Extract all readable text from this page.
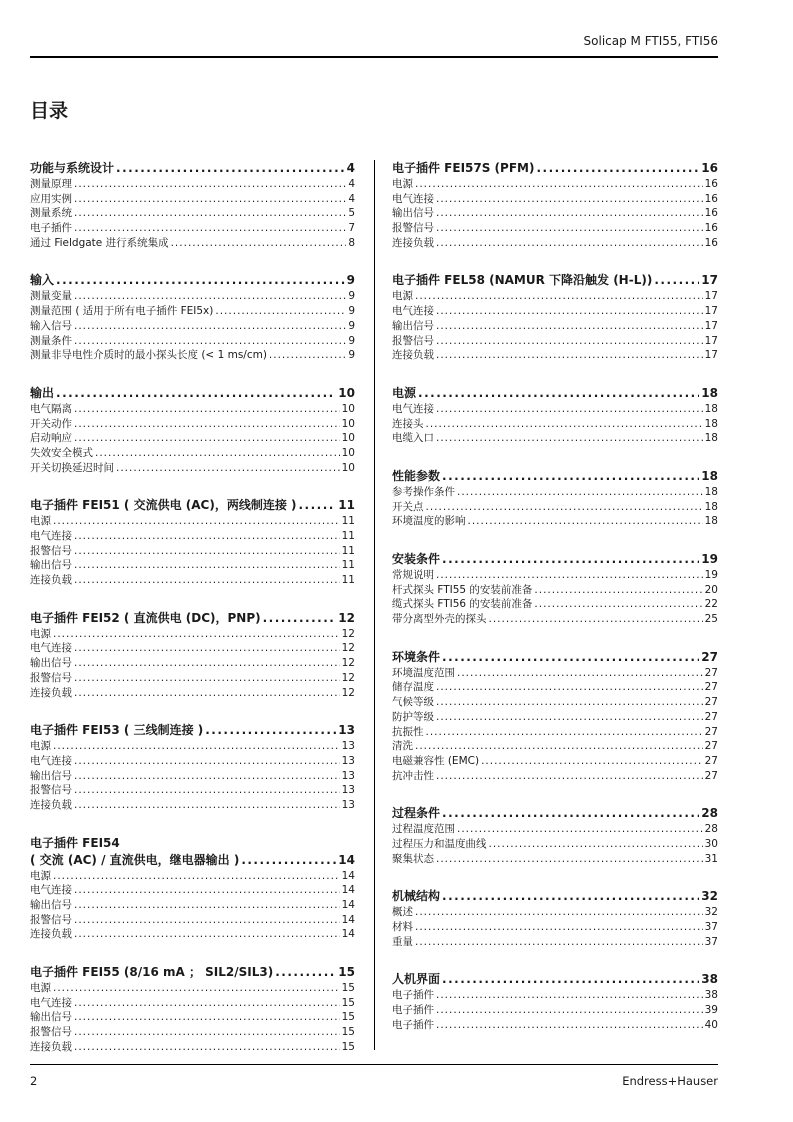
Solicap M FTI55, FTI56
目录
功能与系统设计 .....	4
测量原理 .....	4
应用实例 .....	4
测量系统 .....	5
电子插件 .....	7
通过 Fieldgate 进行系统集成 .....	8
输入 .....	9
测量变量 .....	9
测量范围 ( 适用于所有电子插件 FEI5x) .....	9
输入信号 .....	9
测量条件 .....	9
测量非导电性介质时的最小探头长度 (< 1 ms/cm) .....	9
输出 .....	10
电气隔离 .....	10
开关动作 .....	10
启动响应 .....	10
失效安全模式 .....	10
开关切换延迟时间 .....	10
电子插件 FEI51 ( 交流供电 (AC)，两线制连接 ) .....	11
电源 .....	11
电气连接 .....	11
报警信号 .....	11
输出信号 .....	11
连接负载 .....	11
电子插件 FEI52 ( 直流供电 (DC)，PNP) .....	12
电源 .....	12
电气连接 .....	12
输出信号 .....	12
报警信号 .....	12
连接负载 .....	12
电子插件 FEI53 ( 三线制连接 ) .....	13
电源 .....	13
电气连接 .....	13
输出信号 .....	13
报警信号 .....	13
连接负载 .....	13
电子插件 FEI54
( 交流 (AC) / 直流供电，继电器输出 ) .....	14
电源 .....	14
电气连接 .....	14
输出信号 .....	14
报警信号 .....	14
连接负载 .....	14
电子插件 FEI55 (8/16 mA ； SIL2/SIL3) .....	15
电源 .....	15
电气连接 .....	15
输出信号 .....	15
报警信号 .....	15
连接负载 .....	15
电子插件 FEI57S (PFM) .....	16
电源 .....	16
电气连接 .....	16
输出信号 .....	16
报警信号 .....	16
连接负载 .....	16
电子插件 FEL58 (NAMUR 下降沿触发 (H-L)) .....	17
电源 .....	17
电气连接 .....	17
输出信号 .....	17
报警信号 .....	17
连接负载 .....	17
电源 .....	18
电气连接 .....	18
连接头 .....	18
电缆入口 .....	18
性能参数 .....	18
参考操作条件 .....	18
开关点 .....	18
环境温度的影响 .....	18
安装条件 .....	19
常规说明 .....	19
杆式探头 FTI55 的安装前准备 .....	20
缆式探头 FTI56 的安装前准备 .....	22
带分离型外壳的探头 .....	25
环境条件 .....	27
环境温度范围 .....	27
储存温度 .....	27
气候等级 .....	27
防护等级 .....	27
抗振性 .....	27
清洗 .....	27
电磁兼容性 (EMC) .....	27
抗冲击性 .....	27
过程条件 .....	28
过程温度范围 .....	28
过程压力和温度曲线 .....	30
聚集状态 .....	31
机械结构 .....	32
概述 .....	32
材料 .....	37
重量 .....	37
人机界面 .....	38
电子插件 .....	38
电子插件 .....	39
电子插件 .....	40
2	Endress+Hauser
